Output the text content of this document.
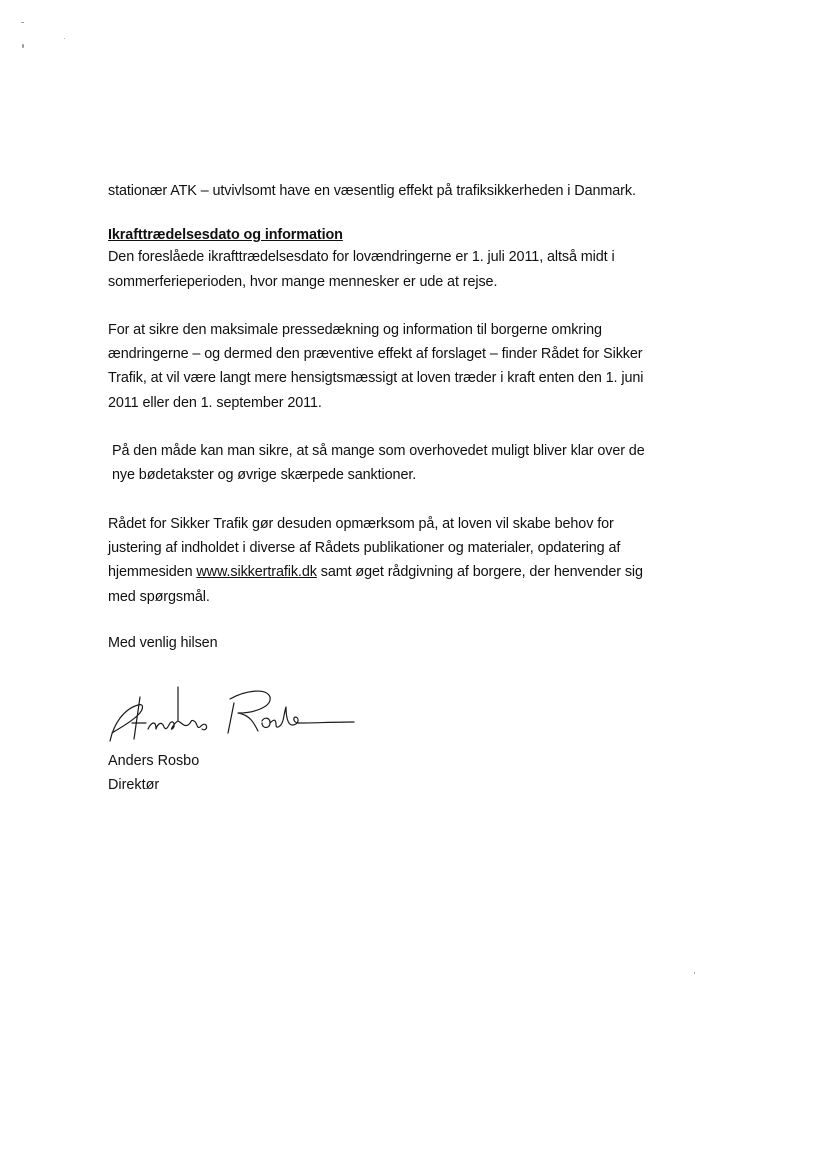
stationær ATK – utvivlsomt have en væsentlig effekt på trafiksikkerheden i Danmark.

Ikrafttrædelsesdato og information

Den foreslåede ikrafttrædelsesdato for lovændringerne er 1. juli 2011, altså midt i sommerferieperioden, hvor mange mennesker er ude at rejse.

For at sikre den maksimale pressedækning og information til borgerne omkring ændringerne – og dermed den præventive effekt af forslaget – finder Rådet for Sikker Trafik, at vil være langt mere hensigtsmæssigt at loven træder i kraft enten den 1. juni 2011 eller den 1. september 2011.

På den måde kan man sikre, at så mange som overhovedet muligt bliver klar over de nye bødetakster og øvrige skærpede sanktioner.

Rådet for Sikker Trafik gør desuden opmærksom på, at loven vil skabe behov for justering af indholdet i diverse af Rådets publikationer og materialer, opdatering af hjemmesiden www.sikkertrafik.dk samt øget rådgivning af borgere, der henvender sig med spørgsmål.

Med venlig hilsen

Anders Rosbo
Direktør
